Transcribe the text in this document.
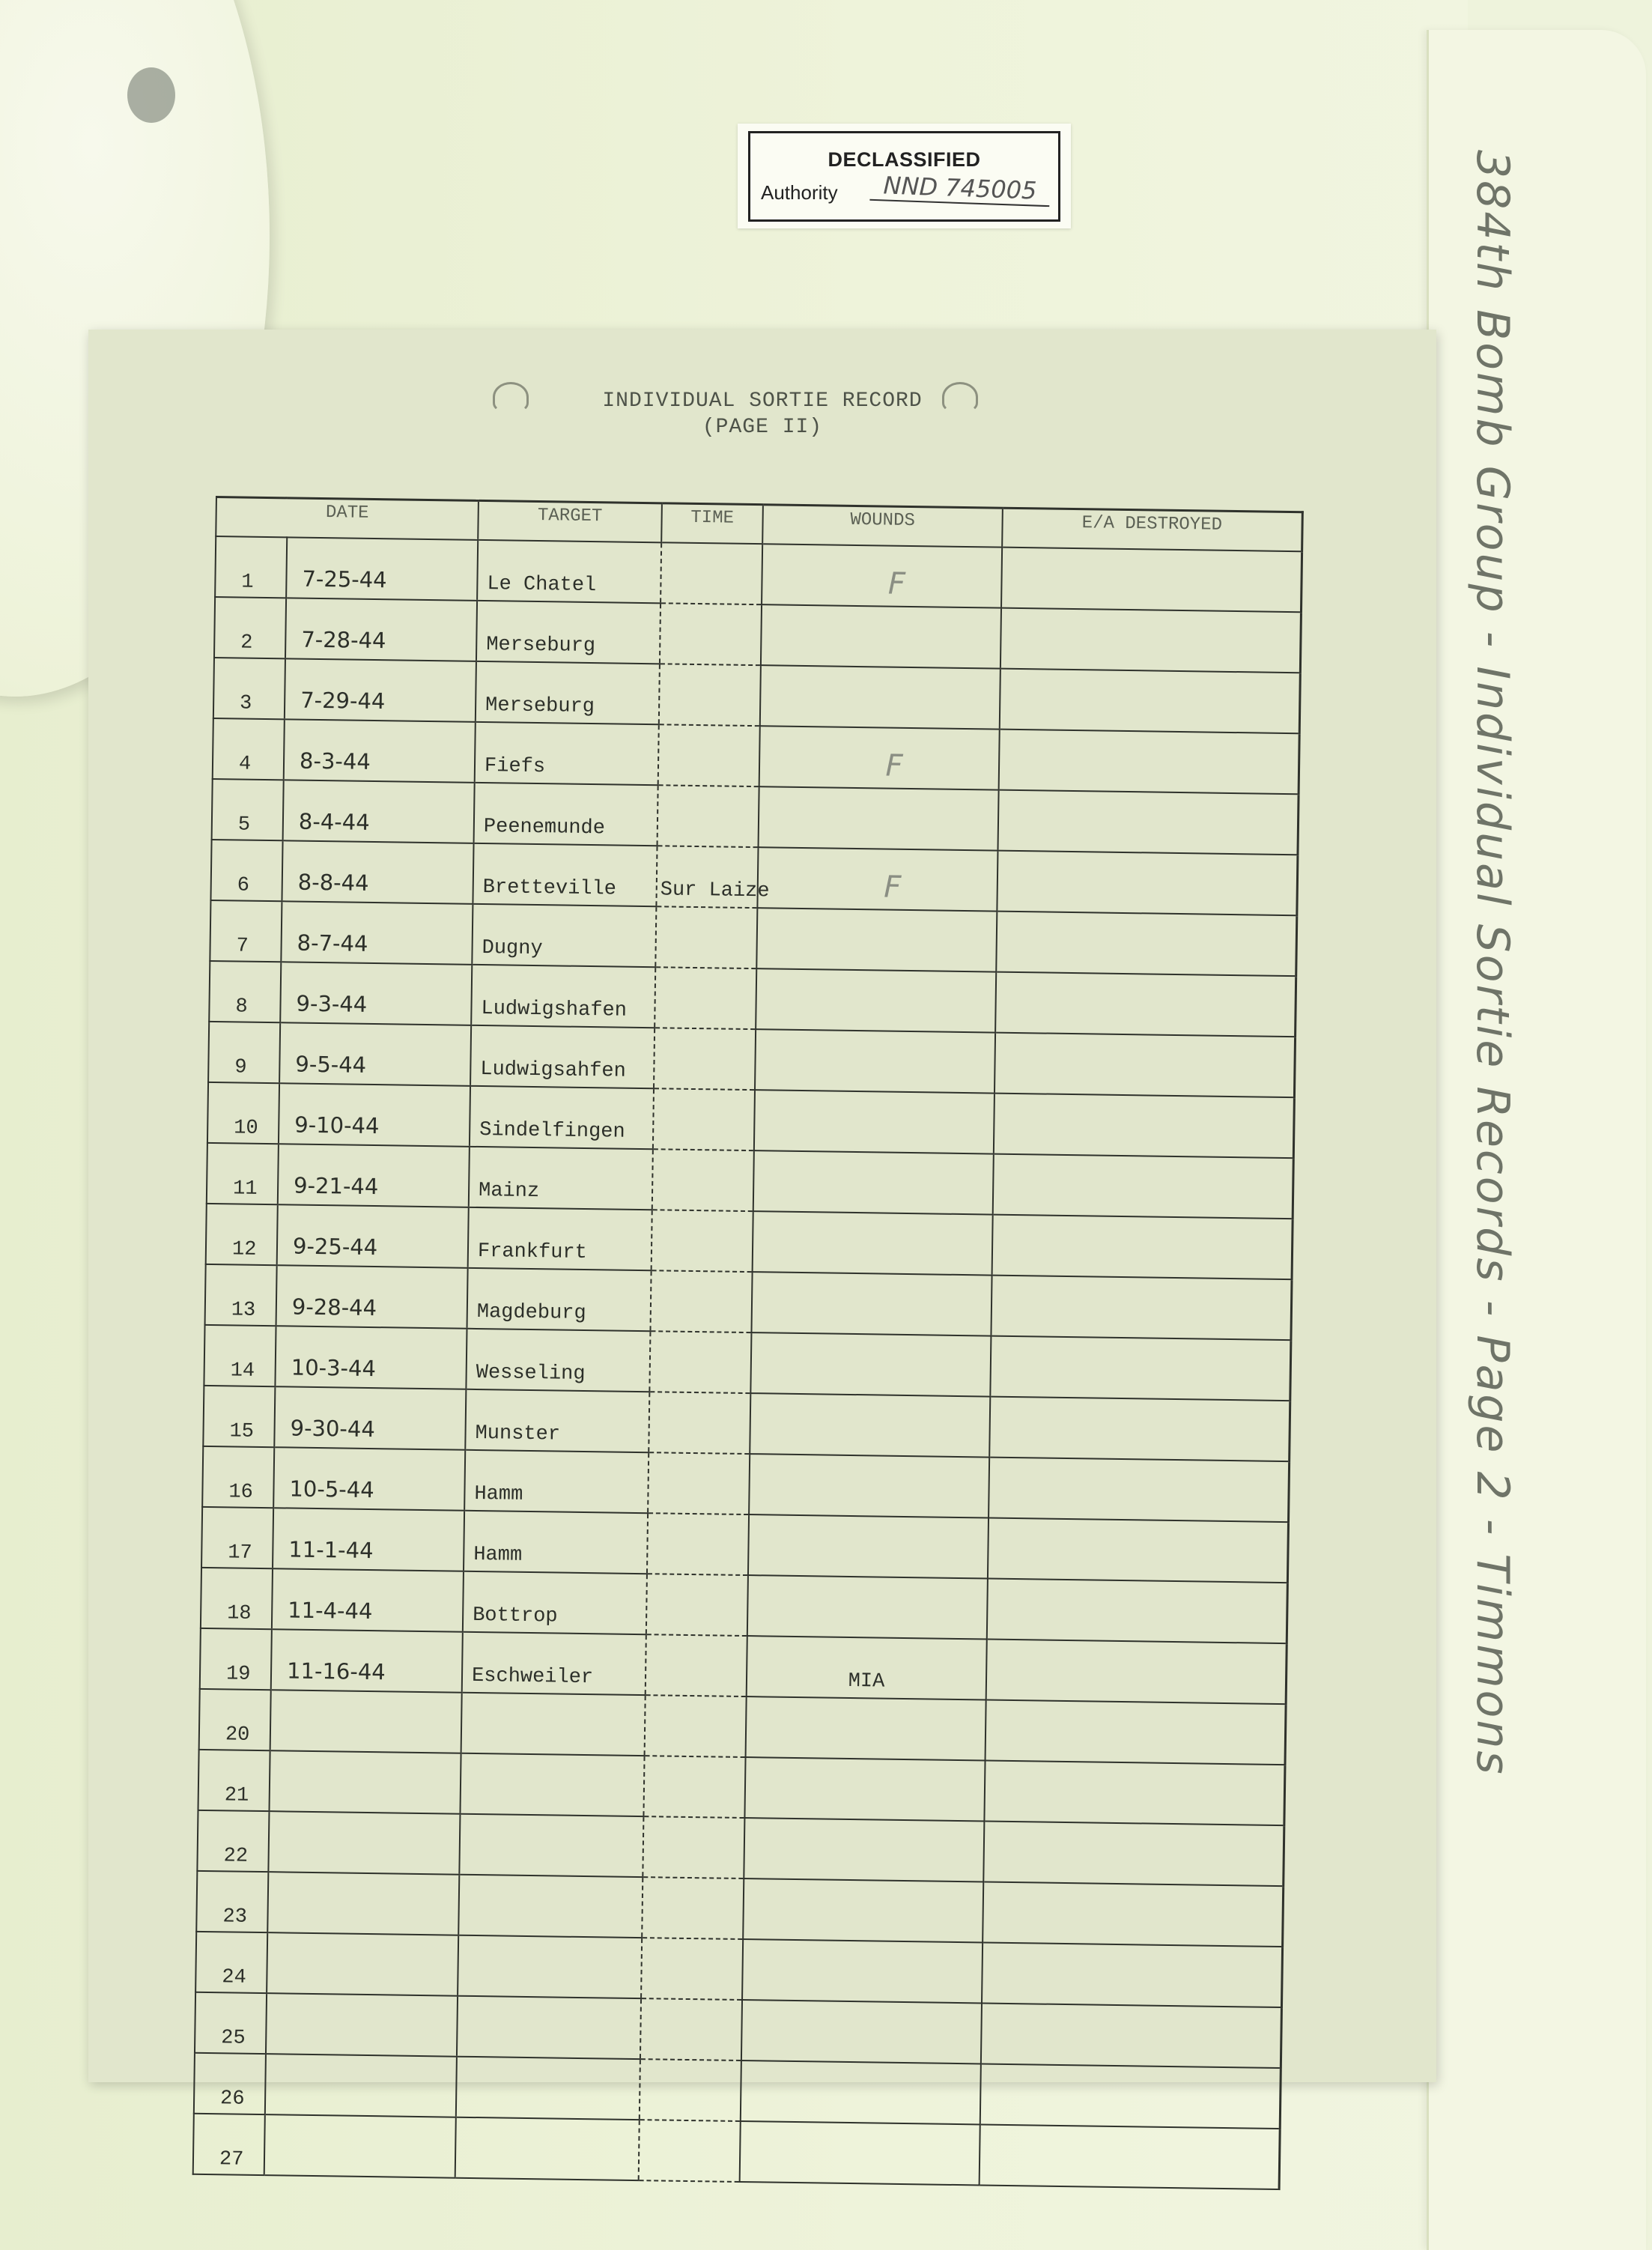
DECLASSIFIED
Authority	NND 745005	384th Bomb Group - Individual Sortie Records - Page 2 - Timmons
INDIVIDUAL SORTIE RECORD
(PAGE II)
DATE		TARGET	TIME	WOUNDS	E/A DESTROYED
1	7-25-44	Le Chatel		F	
2	7-28-44	Merseburg			
3	7-29-44	Merseburg			
4	8-3-44	Fiefs		F	
5	8-4-44	Peenemunde			
6	8-8-44	Bretteville	Sur Laize	F	
7	8-7-44	Dugny			
8	9-3-44	Ludwigshafen			
9	9-5-44	Ludwigsahfen			
10	9-10-44	Sindelfingen			
11	9-21-44	Mainz			
12	9-25-44	Frankfurt			
13	9-28-44	Magdeburg			
14	10-3-44	Wesseling			
15	9-30-44	Munster			
16	10-5-44	Hamm			
17	11-1-44	Hamm			
18	11-4-44	Bottrop			
19	11-16-44	Eschweiler		MIA	
20					
21					
22					
23					
24					
25					
26					
27					
